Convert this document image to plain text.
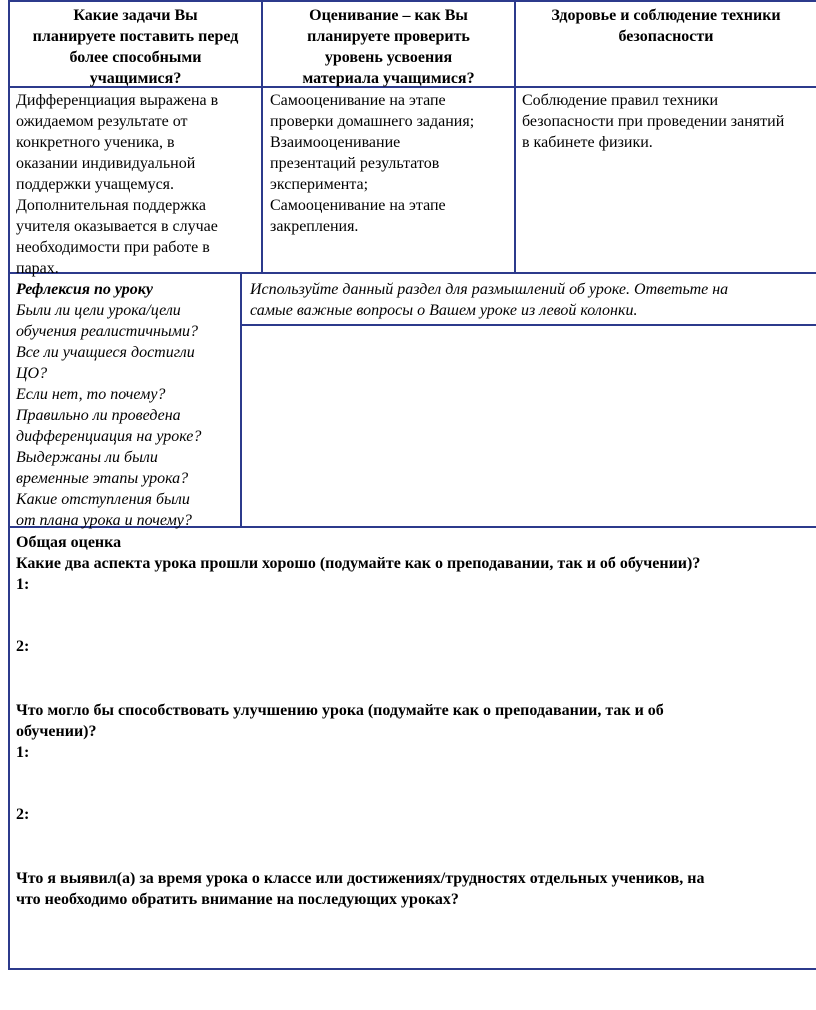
Какие задачи Вы
планируете поставить перед
более способными
учащимися?
Оценивание – как Вы
планируете проверить
уровень усвоения
материала учащимися?
Здоровье и соблюдение техники
безопасности
Дифференциация выражена в
ожидаемом результате от
конкретного ученика, в
оказании индивидуальной
поддержки учащемуся.
Дополнительная поддержка
учителя оказывается в случае
необходимости при работе в
парах.
Самооценивание на этапе
проверки домашнего задания;
Взаимооценивание
презентаций результатов
эксперимента;
Самооценивание на этапе
закрепления.
Соблюдение правил техники
безопасности при проведении занятий
в кабинете физики.
Рефлексия по уроку
Были ли цели урока/цели
обучения реалистичными?
Все ли учащиеся достигли
ЦО?
Если нет, то почему?
Правильно ли проведена
дифференциация на уроке?
Выдержаны ли были
временные этапы урока?
Какие отступления были
от плана урока и почему?
Используйте данный раздел для размышлений об уроке. Ответьте на
самые важные вопросы о Вашем уроке из левой колонки.
Общая оценка
Какие два аспекта урока прошли хорошо (подумайте как о преподавании, так и об обучении)?
1:
2:
Что могло бы способствовать улучшению урока (подумайте как о преподавании, так и об
обучении)?
1:
2:
Что я выявил(а) за время урока о классе или достижениях/трудностях отдельных учеников, на
что необходимо обратить внимание на последующих уроках?
